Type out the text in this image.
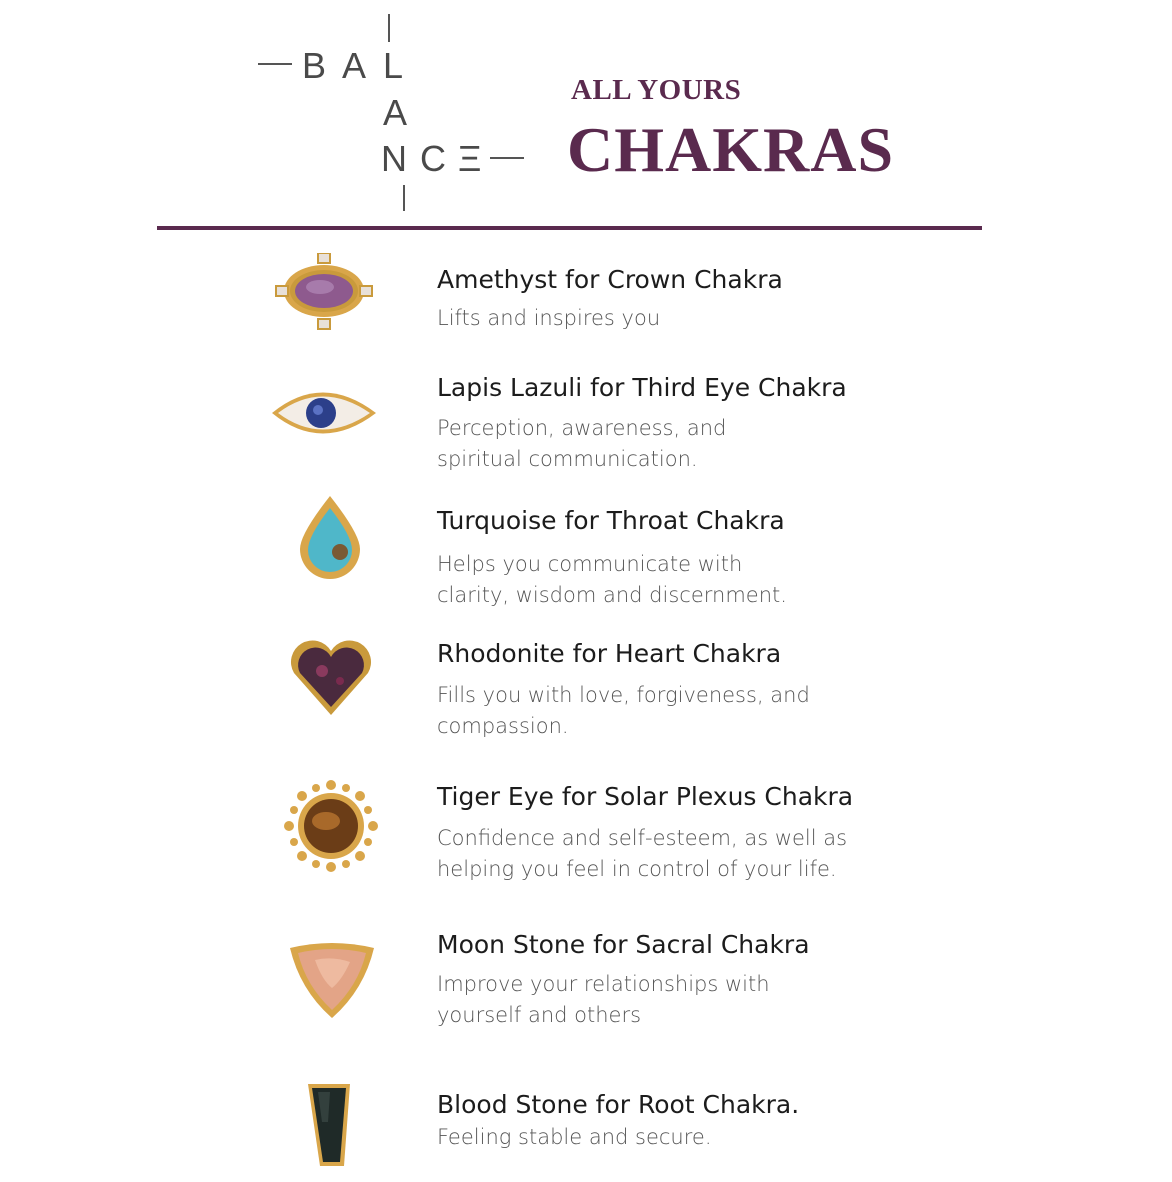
B A L
A
N C Ξ
ALL YOURS
CHAKRAS
Amethyst for Crown Chakra
Lifts and inspires you
Lapis Lazuli for Third Eye Chakra
Perception, awareness, and
spiritual communication.
Turquoise for Throat Chakra
Helps you communicate with
clarity, wisdom and discernment.
Rhodonite for Heart Chakra
Fills you with love, forgiveness, and
compassion.
Tiger Eye for Solar Plexus Chakra
Confidence and self-esteem, as well as
helping you feel in control of your life.
Moon Stone for Sacral Chakra
Improve your relationships with
yourself and others
Blood Stone for Root Chakra.
Feeling stable and secure.
